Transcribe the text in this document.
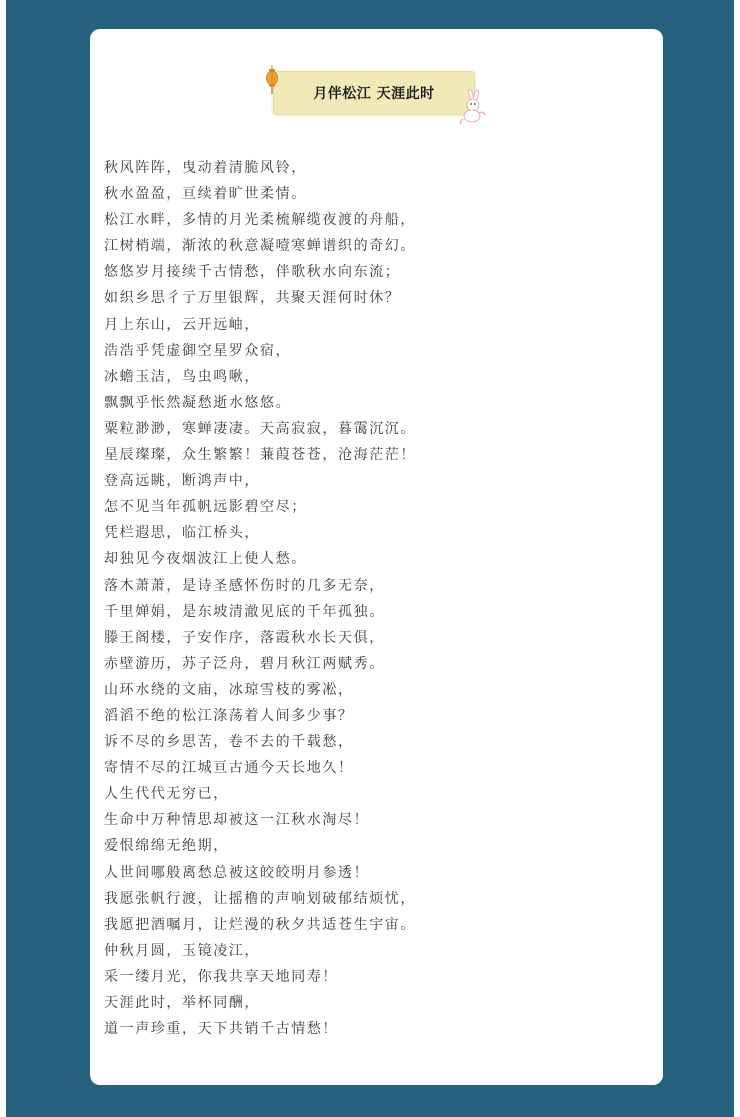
月伴松江 天涯此时
秋风阵阵，曳动着清脆风铃，
秋水盈盈，亘续着旷世柔情。
松江水畔，多情的月光柔梳解缆夜渡的舟船，
江树梢端，渐浓的秋意凝噎寒蝉谱织的奇幻。
悠悠岁月接续千古情愁，伴歌秋水向东流；
如织乡思彳亍万里银辉，共聚天涯何时休？
月上东山，云开远岫，
浩浩乎凭虚御空星罗众宿，
冰蟾玉洁，鸟虫鸣啾，
飘飘乎怅然凝愁逝水悠悠。
粟粒渺渺，寒蝉凄凄。天高寂寂，暮霭沉沉。
星辰璨璨，众生繁繁！蒹葭苍苍，沧海茫茫！
登高远眺，断鸿声中，
怎不见当年孤帆远影碧空尽；
凭栏遐思，临江桥头，
却独见今夜烟波江上使人愁。
落木萧萧，是诗圣感怀伤时的几多无奈，
千里婵娟，是东坡清澈见底的千年孤独。
滕王阁楼，子安作序，落霞秋水长天俱，
赤壁游历，苏子泛舟，碧月秋江两赋秀。
山环水绕的文庙，冰琼雪枝的雾凇，
滔滔不绝的松江涤荡着人间多少事？
诉不尽的乡思苦，卷不去的千载愁，
寄情不尽的江城亘古通今天长地久！
人生代代无穷已，
生命中万种情思却被这一江秋水淘尽！
爱恨绵绵无绝期，
人世间哪般离愁总被这皎皎明月参透！
我愿张帆行渡，让摇橹的声响划破郁结烦忧，
我愿把酒嘱月，让烂漫的秋夕共适苍生宇宙。
仲秋月圆，玉镜凌江，
采一缕月光，你我共享天地同寿！
天涯此时，举杯同酬，
道一声珍重，天下共销千古情愁！
